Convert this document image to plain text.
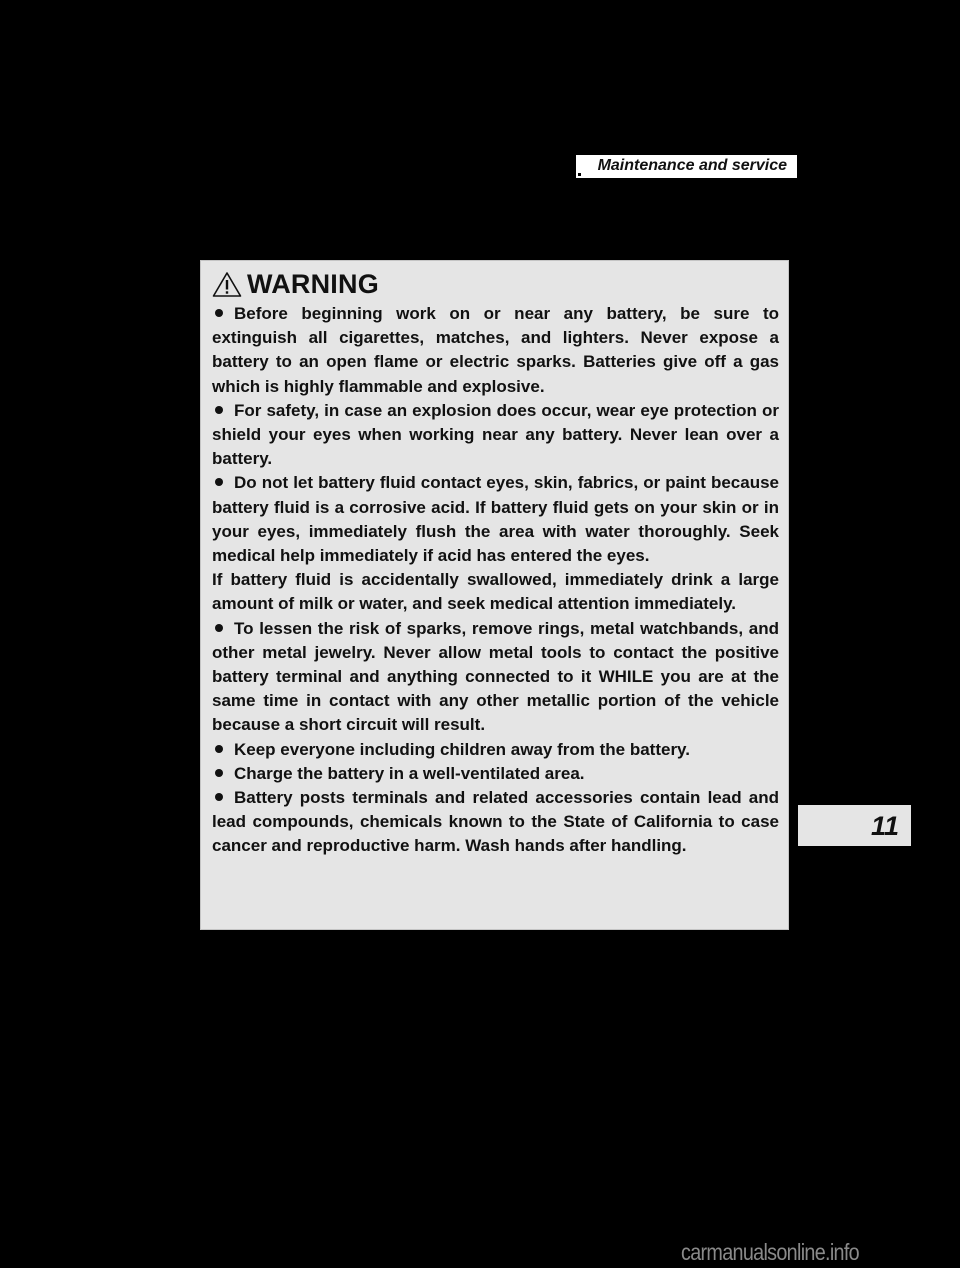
Maintenance and service
WARNING

Before beginning work on or near any battery, be sure to extinguish all cigarettes, matches, and lighters. Never expose a battery to an open flame or electric sparks. Batteries give off a gas which is highly flammable and explosive.

For safety, in case an explosion does occur, wear eye protection or shield your eyes when working near any battery. Never lean over a battery.

Do not let battery fluid contact eyes, skin, fabrics, or paint because battery fluid is a corrosive acid. If battery fluid gets on your skin or in your eyes, immediately flush the area with water thoroughly. Seek medical help immediately if acid has entered the eyes.

If battery fluid is accidentally swallowed, immediately drink a large amount of milk or water, and seek medical attention immediately.

To lessen the risk of sparks, remove rings, metal watchbands, and other metal jewelry. Never allow metal tools to contact the positive battery terminal and anything connected to it WHILE you are at the same time in contact with any other metallic portion of the vehicle because a short circuit will result.

Keep everyone including children away from the battery.

Charge the battery in a well-ventilated area.

Battery posts terminals and related accessories contain lead and lead compounds, chemicals known to the State of California to case cancer and reproductive harm. Wash hands after handling.

11
carmanualsonline.info
